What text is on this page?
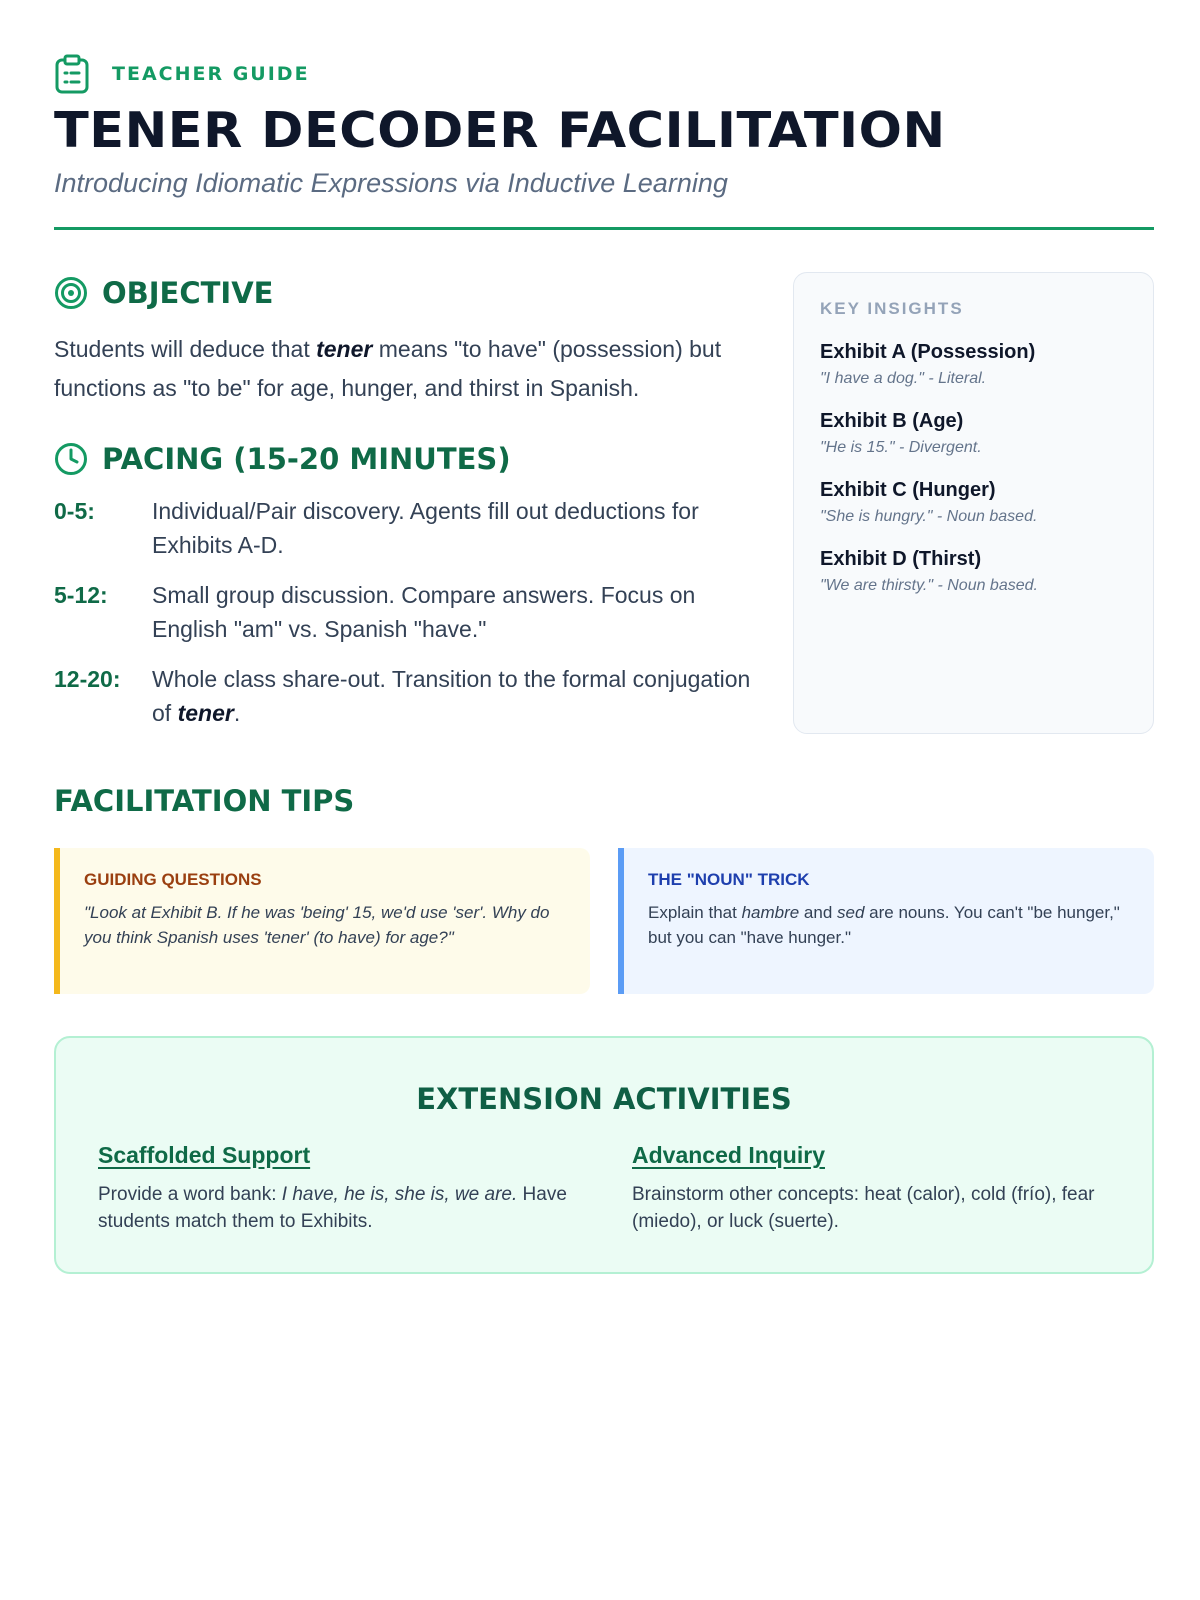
TEACHER GUIDE
TENER DECODER FACILITATION
Introducing Idiomatic Expressions via Inductive Learning
OBJECTIVE

Students will deduce that tener means "to have" (possession) but functions as "to be" for age, hunger, and thirst in Spanish.

PACING (15-20 MINUTES)
0-5:	Individual/Pair discovery. Agents fill out deductions for Exhibits A-D.
5-12:	Small group discussion. Compare answers. Focus on English "am" vs. Spanish "have."
12-20:	Whole class share-out. Transition to the formal conjugation of tener.
KEY INSIGHTS
Exhibit A (Possession)
"I have a dog." - Literal.
Exhibit B (Age)
"He is 15." - Divergent.
Exhibit C (Hunger)
"She is hungry." - Noun based.
Exhibit D (Thirst)
"We are thirsty." - Noun based.
FACILITATION TIPS
GUIDING QUESTIONS

"Look at Exhibit B. If he was 'being' 15, we'd use 'ser'. Why do you think Spanish uses 'tener' (to have) for age?"

THE "NOUN" TRICK

Explain that hambre and sed are nouns. You can't "be hunger," but you can "have hunger."

EXTENSION ACTIVITIES
Scaffolded Support

Provide a word bank: I have, he is, she is, we are. Have students match them to Exhibits.

Advanced Inquiry

Brainstorm other concepts: heat (calor), cold (frío), fear (miedo), or luck (suerte).
